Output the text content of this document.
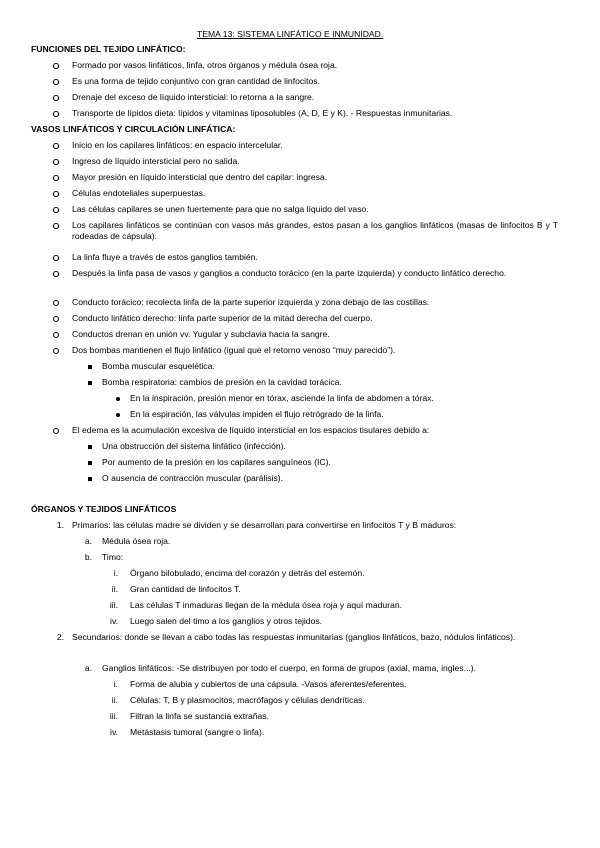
TEMA 13: SISTEMA LINFÁTICO E INMUNIDAD.
FUNCIONES DEL TEJIDO LINFÁTICO:
Formado por vasos linfáticos, linfa, otros órganos y médula ósea roja.
Es una forma de tejido conjuntivo con gran cantidad de linfocitos.
Drenaje del exceso de líquido intersticial: lo retorna a la sangre.
Transporte de lípidos dieta: lípidos y vitaminas liposolubles (A, D, E y K). - Respuestas inmunitarias.
VASOS LINFÁTICOS Y CIRCULACIÓN LINFÁTICA:
Inicio en los capilares linfáticos: en espacio intercelular.
Ingreso de líquido intersticial pero no salida.
Mayor presión en líquido intersticial que dentro del capilar: ingresa.
Células endoteliales superpuestas.
Las células capilares se unen fuertemente para que no salga líquido del vaso.
Los capilares linfáticos se continúan con vasos más grandes, estos pasan a los ganglios linfáticos (masas de linfocitos B y T rodeadas de cápsula).
La linfa fluye a través de estos ganglios también.
Después la linfa pasa de vasos y ganglios a conducto torácico (en la parte izquierda) y conducto linfático derecho.
Conducto torácico: recolecta linfa de la parte superior izquierda y zona debajo de las costillas.
Conducto linfático derecho: linfa parte superior de la mitad derecha del cuerpo.
Conductos drenan en unión vv. Yugular y subclavia hacia la sangre.
Dos bombas mantienen el flujo linfático (igual que el retorno venoso “muy parecido”).
Bomba muscular esquelética.
Bomba respiratoria: cambios de presión en la cavidad torácica.
En la inspiración, presión menor en tórax, asciende la linfa de abdomen a tórax.
En la espiración, las válvulas impiden el flujo retrógrado de la linfa.
El edema es la acumulación excesiva de líquido intersticial en los espacios tisulares debido a:
Una obstrucción del sistema linfático (infección).
Por aumento de la presión en los capilares sanguíneos (IC).
O ausencia de contracción muscular (parálisis).
ÓRGANOS Y TEJIDOS LINFÁTICOS
1. Primarios: las células madre se dividen y se desarrollan para convertirse en linfocitos T y B maduros:
a. Médula ósea roja.
b. Timo:
i. Órgano bilobulado, encima del corazón y detrás del esternón.
ii. Gran cantidad de linfocitos T.
iii. Las células T inmaduras llegan de la médula ósea roja y aquí maduran.
iv. Luego salen del timo a los ganglios y otros tejidos.
2. Secundarios: donde se llevan a cabo todas las respuestas inmunitarias (ganglios linfáticos, bazo, nódulos linfáticos).
a. Ganglios linfáticos: -Se distribuyen por todo el cuerpo, en forma de grupos (axial, mama, ingles...).
i. Forma de alubia y cubiertos de una cápsula. -Vasos aferentes/eferentes.
ii. Células: T, B y plasmocitos, macrófagos y células dendríticas.
iii. Filtran la linfa se sustancia extrañas.
iv. Metástasis tumoral (sangre o linfa).
